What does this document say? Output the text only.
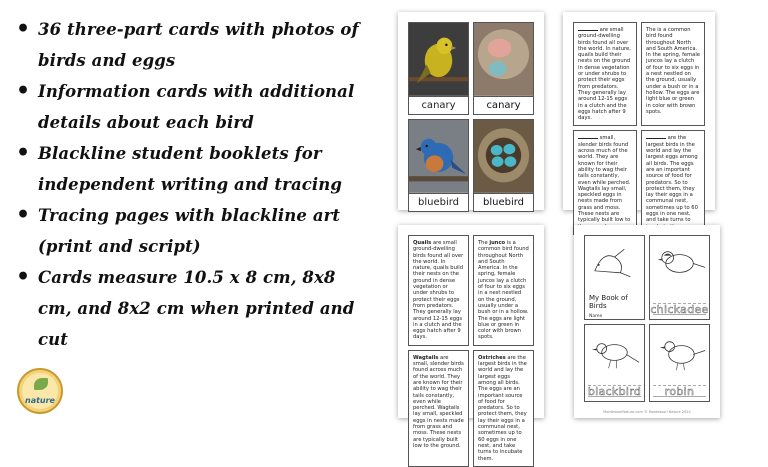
• 36 three-part cards with photos of birds and eggs
• Information cards with additional details about each bird
• Blackline student booklets for independent writing and tracing
• Tracing pages with blackline art (print and script)
• Cards measure 10.5 x 8 cm, 8x8 cm, and 8x2 cm when printed and cut
nature
canary	canary
bluebird	bluebird
are small ground-dwelling birds found all over the world. In nature, quails build their nests on the ground in dense vegetation or under shrubs to protect their eggs from predators. They generally lay around 12-15 eggs in a clutch and the eggs hatch after 9 days.
The is a common bird found throughout North and South America. In the spring, female juncos lay a clutch of four to six eggs in a nest nestled on the ground, usually under a bush or in a hollow. The eggs are light blue or green in color with brown spots.
small, slender birds found across much of the world. They are known for their ability to wag their tails constantly, even while perched. Wagtails lay small, speckled eggs in nests made from grass and moss. These nests are typically built low to
are the largest birds in the world and lay the largest eggs among all birds. The eggs are an important source of food for predators. So to protect them, they lay their eggs in a communal nest, sometimes up to 60 eggs in one nest, and take turns to
Quails are small ground-dwelling birds found all over the world. In nature, quails build their nests on the ground in dense vegetation or under shrubs to protect their eggs from predators. They generally lay around 12-15 eggs in a clutch and the eggs hatch after 9 days.
The junco is a common bird found throughout North and South America. In the spring, female juncos lay a clutch of four to six eggs in a nest nestled on the ground, usually under a bush or in a hollow. The eggs are light blue or green in color with brown spots.
Wagtails are small, slender birds found across much of the world. They are known for their ability to wag their tails constantly, even while perched. Wagtails lay small, speckled eggs in nests made from grass and moss. These nests are typically built low to the ground.
Ostriches are the largest birds in the world and lay the largest eggs among all birds. The eggs are an important source of food for predators. So to protect them, they lay their eggs in a communal nest, sometimes up to 60 eggs in one nest, and take turns to incubate them.
My Book of Birds
Name
chickadee
blackbird	robin
MontessoriNature.com © Montessori Nature 2024
